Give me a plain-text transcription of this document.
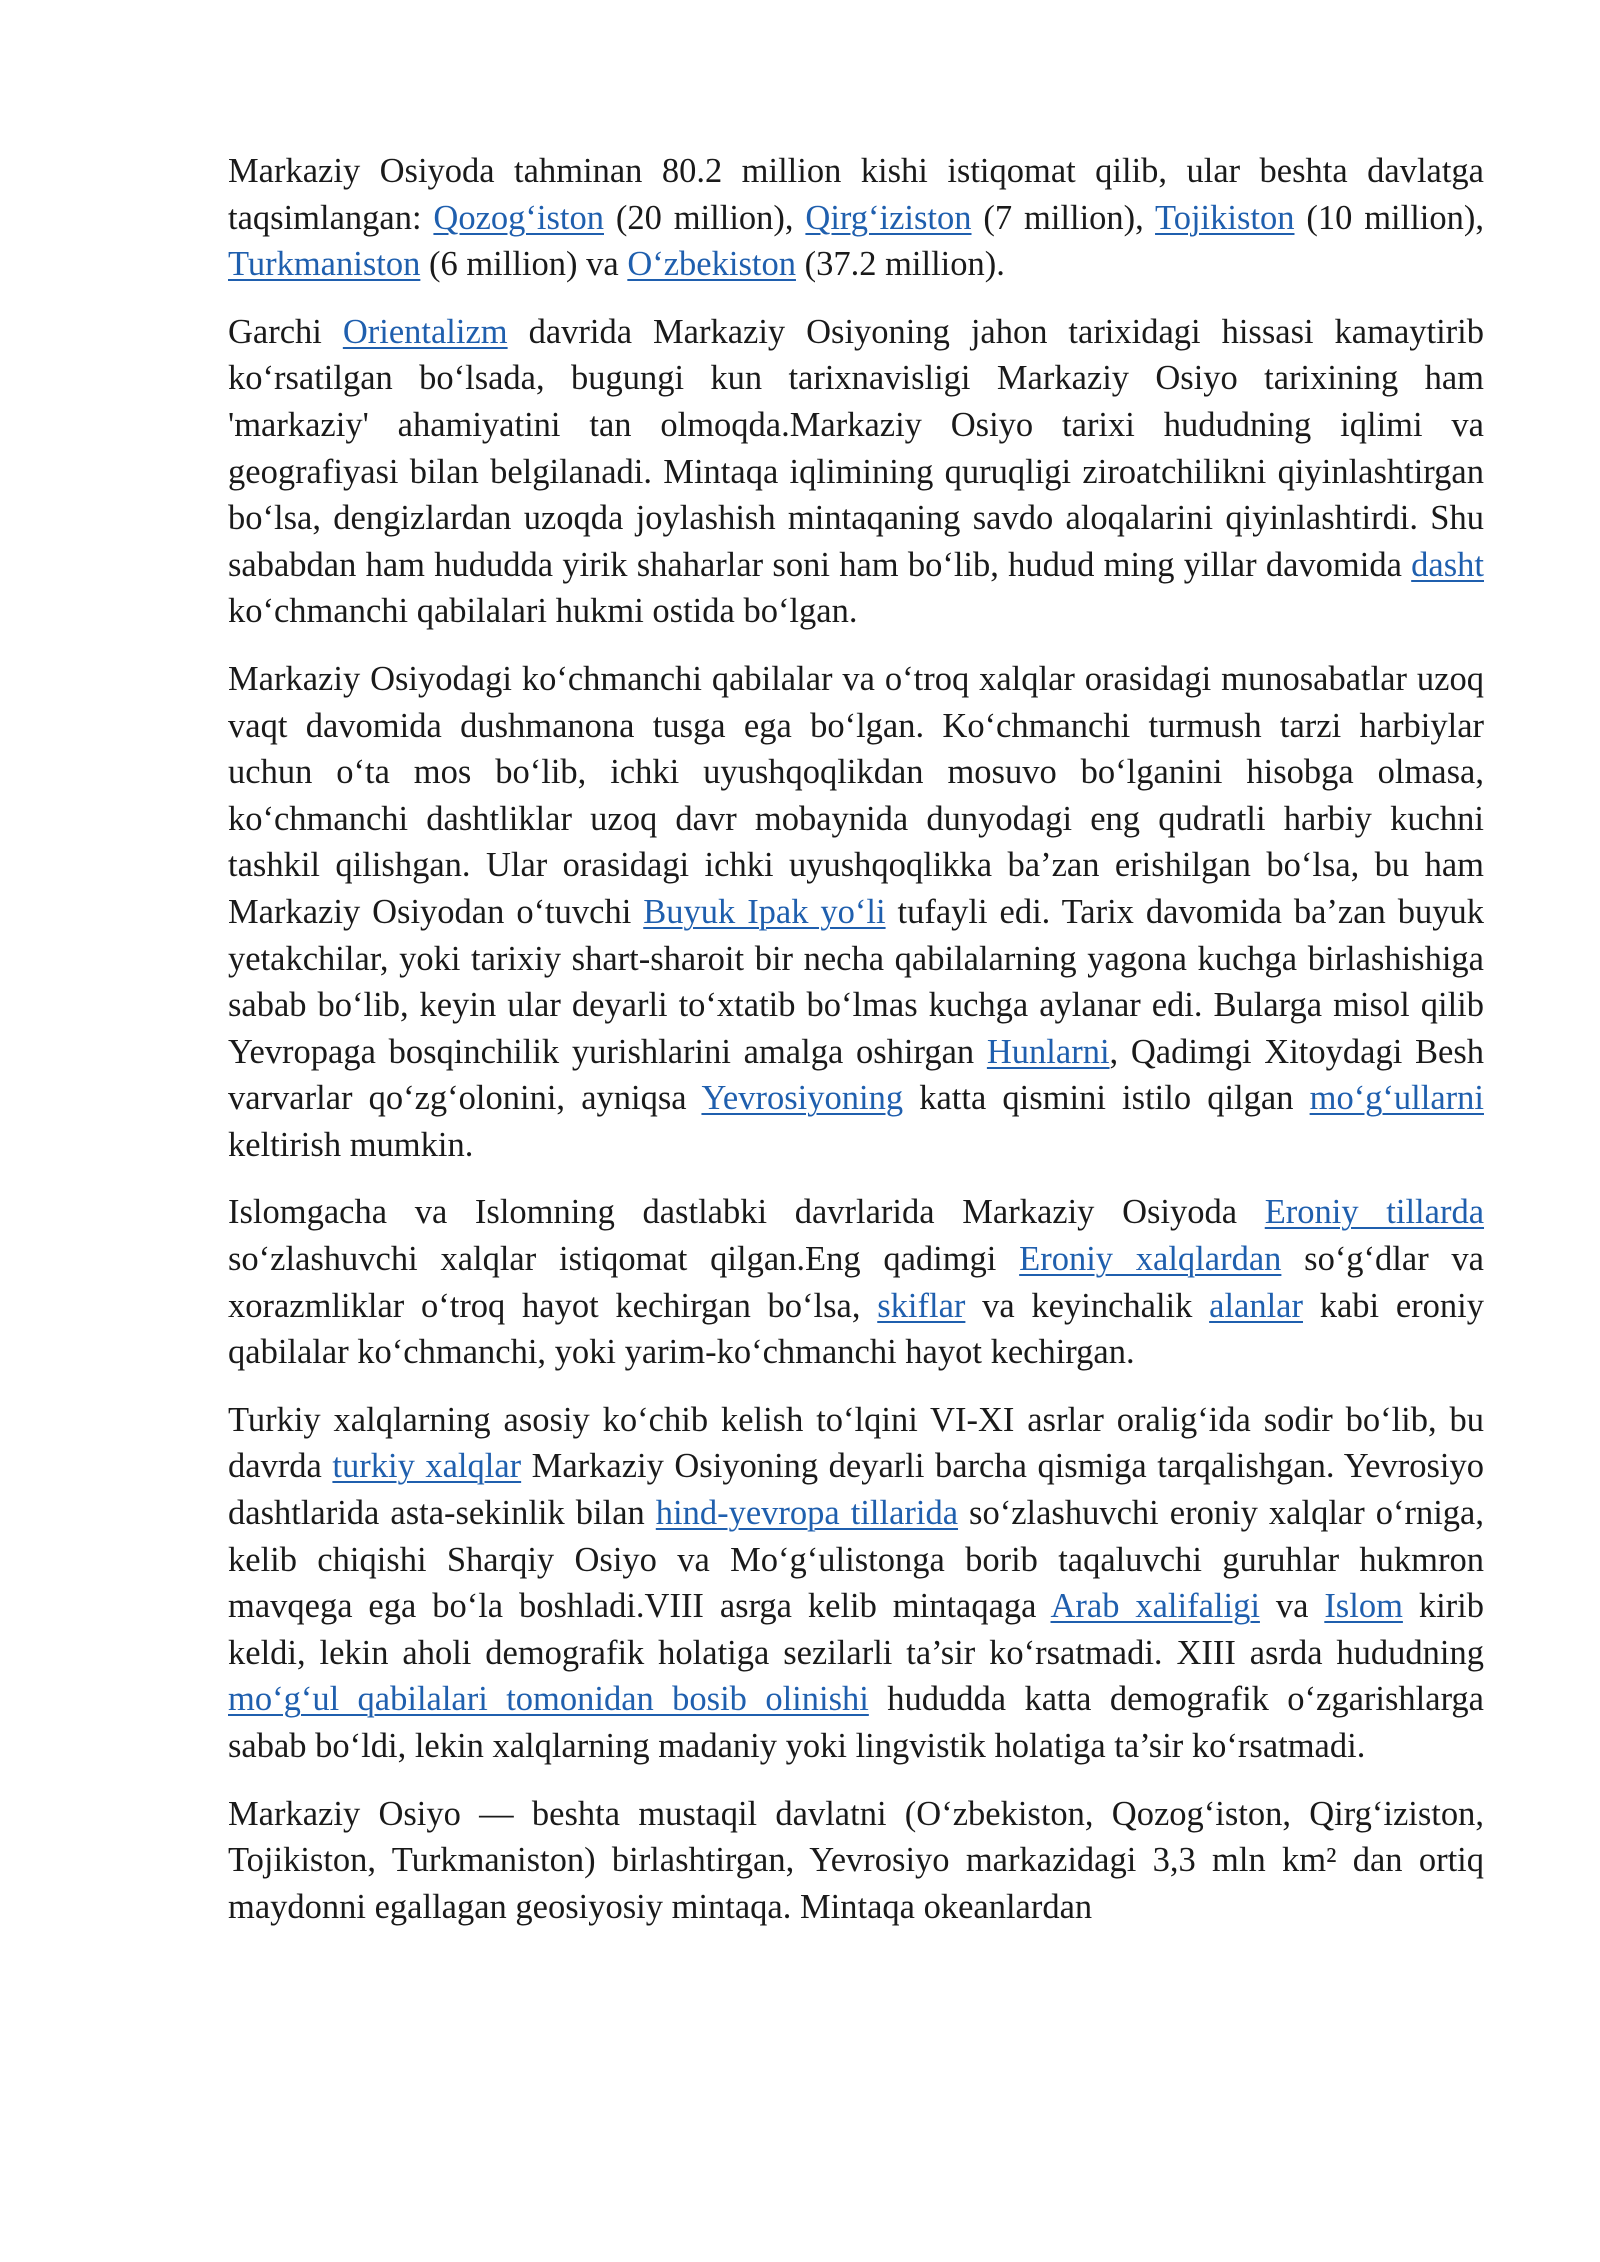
Markaziy Osiyoda tahminan 80.2 million kishi istiqomat qilib, ular beshta davlatga taqsimlangan: Qozog‘iston (20 million), Qirg‘iziston (7 million), Tojikiston (10 million), Turkmaniston (6 million) va O‘zbekiston (37.2 million).

Garchi Orientalizm davrida Markaziy Osiyoning jahon tarixidagi hissasi kamaytirib ko‘rsatilgan bo‘lsada, bugungi kun tarixnavisligi Markaziy Osiyo tarixining ham 'markaziy' ahamiyatini tan olmoqda.Markaziy Osiyo tarixi hududning iqlimi va geografiyasi bilan belgilanadi. Mintaqa iqlimining quruqligi ziroatchilikni qiyinlashtirgan bo‘lsa, dengizlardan uzoqda joylashish mintaqaning savdo aloqalarini qiyinlashtirdi. Shu sababdan ham hududda yirik shaharlar soni ham bo‘lib, hudud ming yillar davomida dasht ko‘chmanchi qabilalari hukmi ostida bo‘lgan.

Markaziy Osiyodagi ko‘chmanchi qabilalar va o‘troq xalqlar orasidagi munosabatlar uzoq vaqt davomida dushmanona tusga ega bo‘lgan. Ko‘chmanchi turmush tarzi harbiylar uchun o‘ta mos bo‘lib, ichki uyushqoqlikdan mosuvo bo‘lganini hisobga olmasa, ko‘chmanchi dashtliklar uzoq davr mobaynida dunyodagi eng qudratli harbiy kuchni tashkil qilishgan. Ular orasidagi ichki uyushqoqlikka ba’zan erishilgan bo‘lsa, bu ham Markaziy Osiyodan o‘tuvchi Buyuk Ipak yo‘li tufayli edi. Tarix davomida ba’zan buyuk yetakchilar, yoki tarixiy shart-sharoit bir necha qabilalarning yagona kuchga birlashishiga sabab bo‘lib, keyin ular deyarli to‘xtatib bo‘lmas kuchga aylanar edi. Bularga misol qilib Yevropaga bosqinchilik yurishlarini amalga oshirgan Hunlarni, Qadimgi Xitoydagi Besh varvarlar qo‘zg‘olonini, ayniqsa Yevrosiyoning katta qismini istilo qilgan mo‘g‘ullarni keltirish mumkin.

Islomgacha va Islomning dastlabki davrlarida Markaziy Osiyoda Eroniy tillarda so‘zlashuvchi xalqlar istiqomat qilgan.Eng qadimgi Eroniy xalqlardan so‘g‘dlar va xorazmliklar o‘troq hayot kechirgan bo‘lsa, skiflar va keyinchalik alanlar kabi eroniy qabilalar ko‘chmanchi, yoki yarim-ko‘chmanchi hayot kechirgan.

Turkiy xalqlarning asosiy ko‘chib kelish to‘lqini VI-XI asrlar oralig‘ida sodir bo‘lib, bu davrda turkiy xalqlar Markaziy Osiyoning deyarli barcha qismiga tarqalishgan. Yevrosiyo dashtlarida asta-sekinlik bilan hind-yevropa tillarida so‘zlashuvchi eroniy xalqlar o‘rniga, kelib chiqishi Sharqiy Osiyo va Mo‘g‘ulistonga borib taqaluvchi guruhlar hukmron mavqega ega bo‘la boshladi.VIII asrga kelib mintaqaga Arab xalifaligi va Islom kirib keldi, lekin aholi demografik holatiga sezilarli ta’sir ko‘rsatmadi. XIII asrda hududning mo‘g‘ul qabilalari tomonidan bosib olinishi hududda katta demografik o‘zgarishlarga sabab bo‘ldi, lekin xalqlarning madaniy yoki lingvistik holatiga ta’sir ko‘rsatmadi.

Markaziy Osiyo — beshta mustaqil davlatni (O‘zbekiston, Qozog‘iston, Qirg‘iziston, Tojikiston, Turkmaniston) birlashtirgan, Yevrosiyo markazidagi 3,3 mln km² dan ortiq maydonni egallagan geosiyosiy mintaqa. Mintaqa okeanlardan
